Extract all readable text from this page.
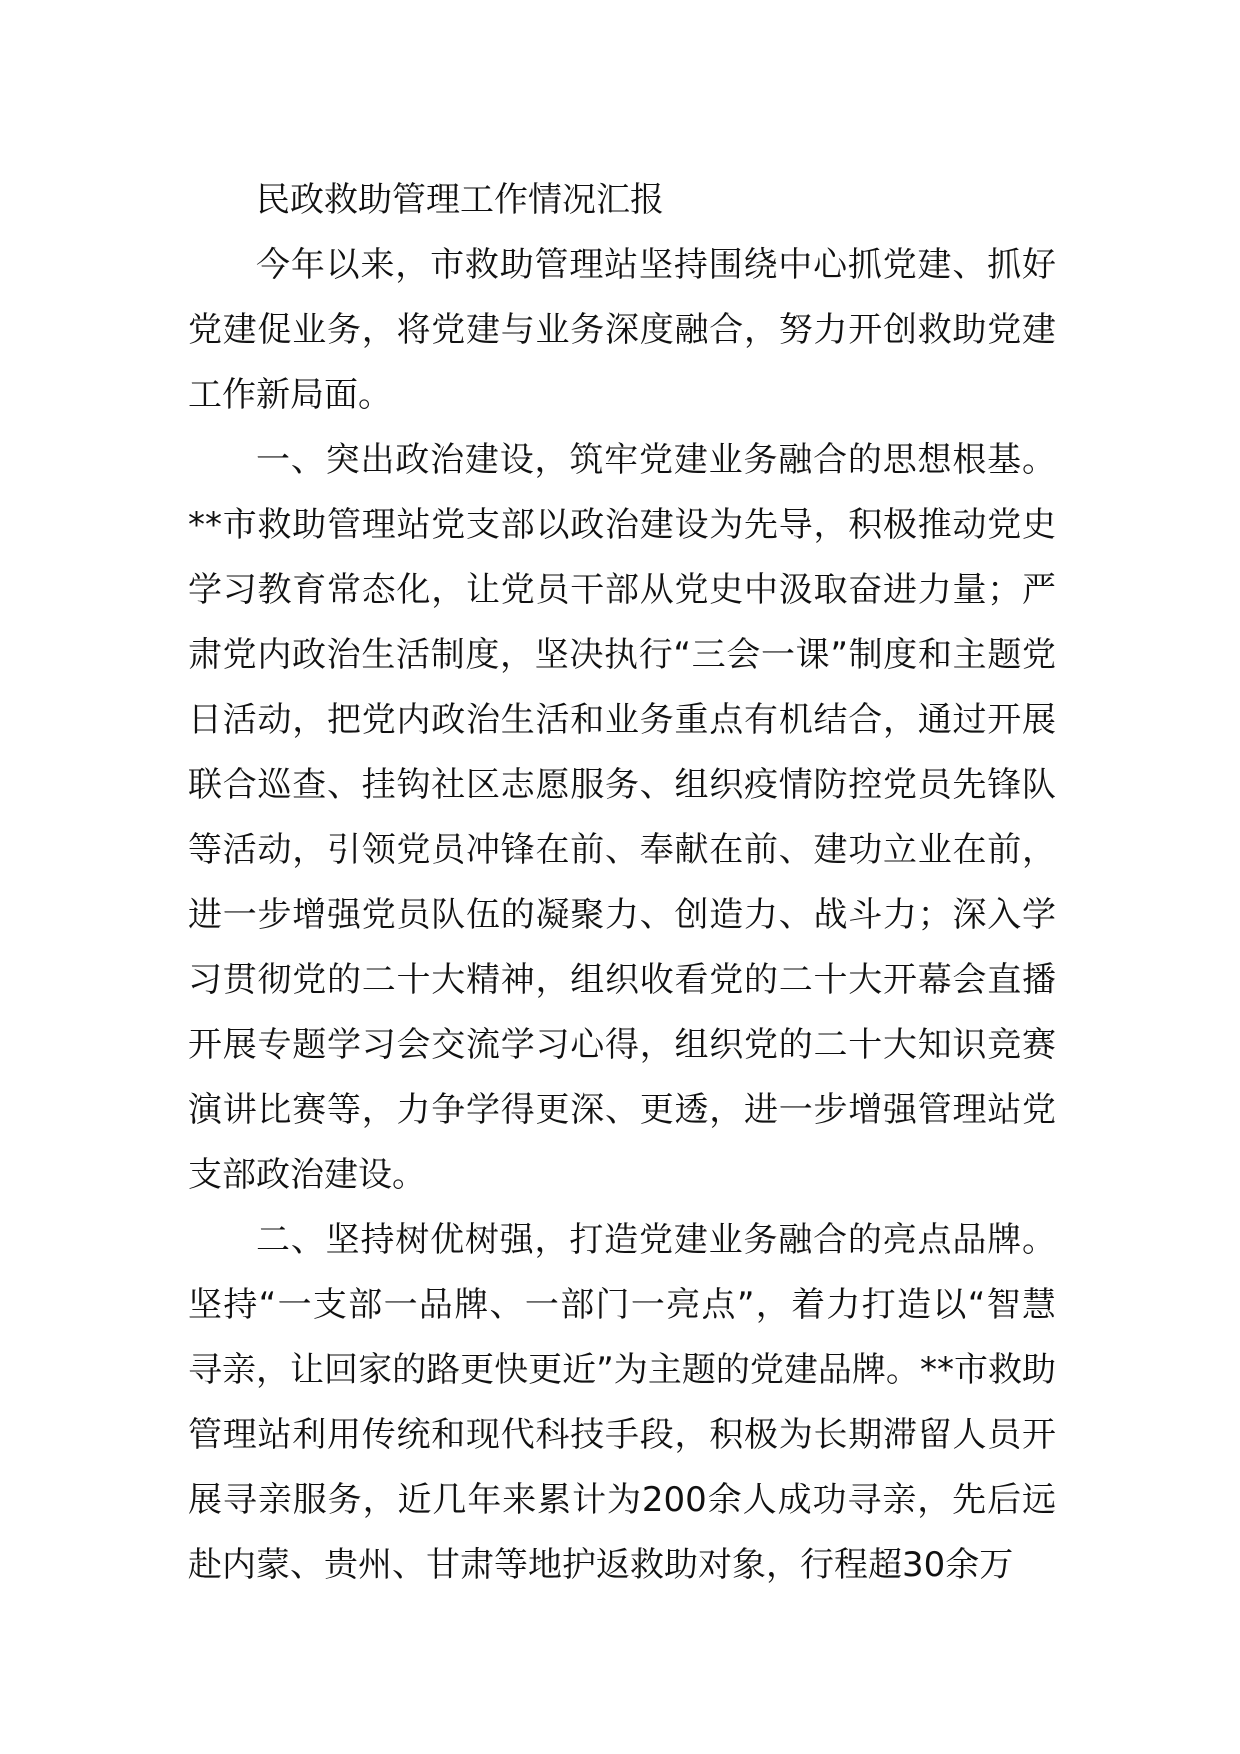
民政救助管理工作情况汇报

今年以来，市救助管理站坚持围绕中心抓党建、抓好党建促业务，将党建与业务深度融合，努力开创救助党建工作新局面。

一、突出政治建设，筑牢党建业务融合的思想根基。**市救助管理站党支部以政治建设为先导，积极推动党史学习教育常态化，让党员干部从党史中汲取奋进力量；严肃党内政治生活制度，坚决执行“三会一课”制度和主题党日活动，把党内政治生活和业务重点有机结合，通过开展联合巡查、挂钩社区志愿服务、组织疫情防控党员先锋队等活动，引领党员冲锋在前、奉献在前、建功立业在前，进一步增强党员队伍的凝聚力、创造力、战斗力；深入学习贯彻党的二十大精神，组织收看党的二十大开幕会直播开展专题学习会交流学习心得，组织党的二十大知识竞赛演讲比赛等，力争学得更深、更透，进一步增强管理站党支部政治建设。

二、坚持树优树强，打造党建业务融合的亮点品牌。坚持“一支部一品牌、一部门一亮点”，着力打造以“智慧寻亲，让回家的路更快更近”为主题的党建品牌。**市救助管理站利用传统和现代科技手段，积极为长期滞留人员开展寻亲服务，近几年来累计为200余人成功寻亲，先后远赴内蒙、贵州、甘肃等地护返救助对象，行程超30余万
